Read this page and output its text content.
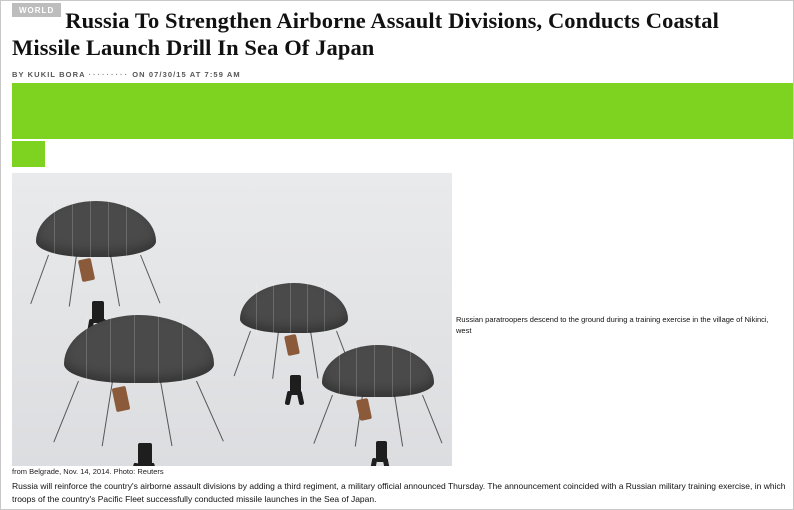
WORLD Russia To Strengthen Airborne Assault Divisions, Conducts Coastal Missile Launch Drill In Sea Of Japan
BY KUKIL BORA ········· ON 07/30/15 AT 7:59 AM
Russian paratroopers descend to the ground during a training exercise in the village of Nikinci, west
from Belgrade, Nov. 14, 2014. Photo: Reuters
Russia will reinforce the country's airborne assault divisions by adding a third regiment, a military official announced Thursday. The announcement coincided with a Russian military training exercise, in which troops of the country's Pacific Fleet successfully conducted missile launches in the Sea of Japan.
